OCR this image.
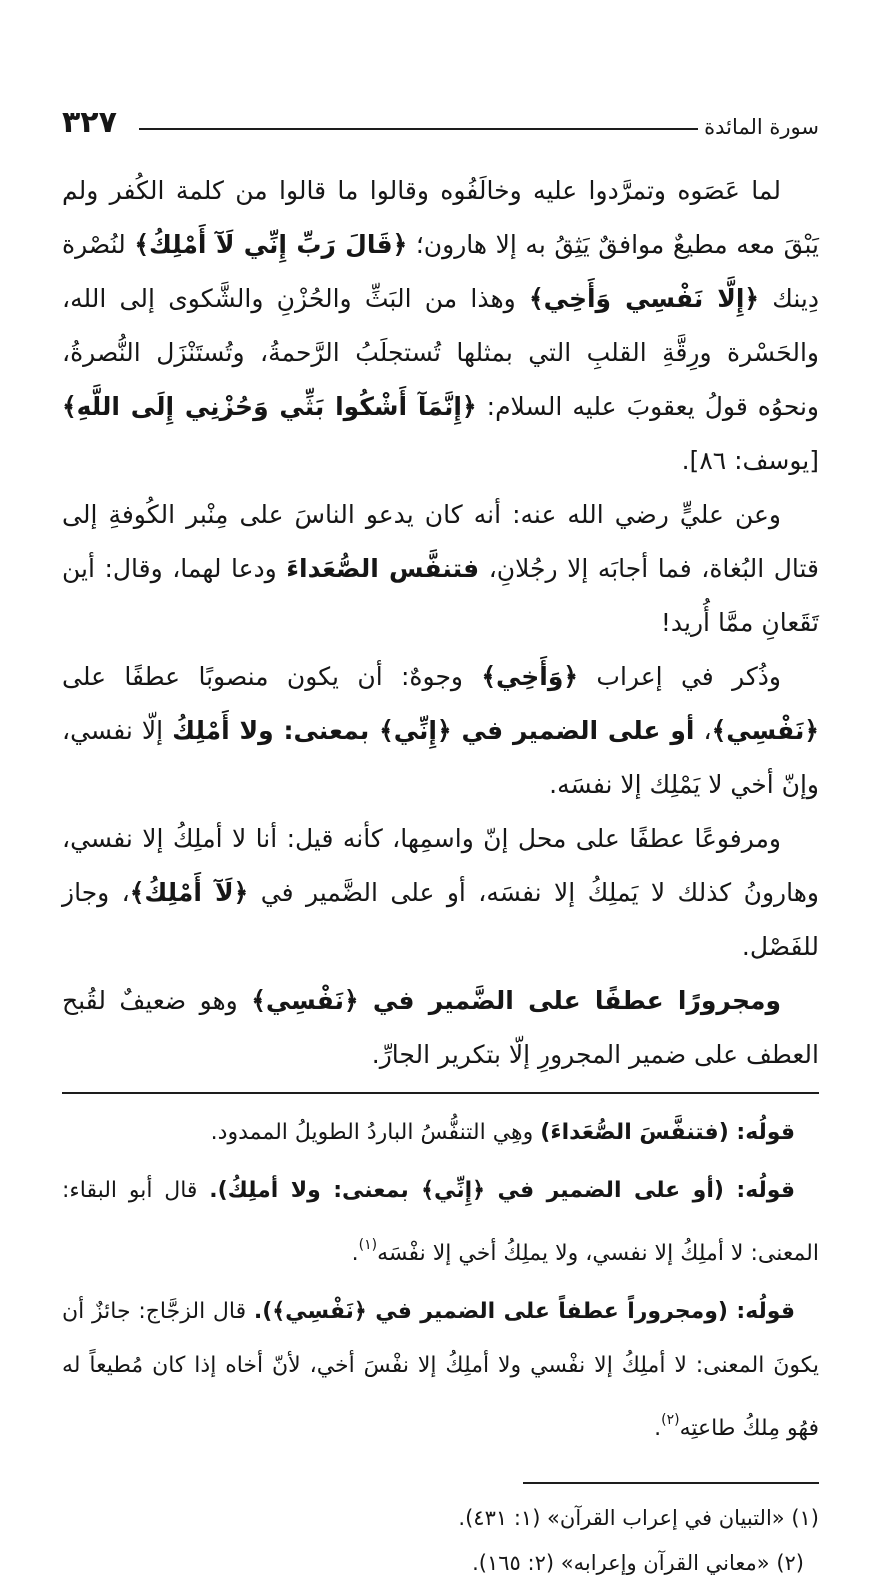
سورة المائدة
٣٢٧

لما عَصَوه وتمرَّدوا عليه وخالَفُوه وقالوا ما قالوا من كلمة الكُفر ولم يَبْقَ معه مطيعٌ موافقٌ يَثِقُ به إلا هارون؛ ﴿قَالَ رَبِّ إِنِّي لَآ أَمْلِكُ﴾ لنُصْرة دِينك ﴿إِلَّا نَفْسِي وَأَخِي﴾ وهذا من البَثِّ والحُزْنِ والشَّكوى إلى الله، والحَسْرة ورِقَّةِ القلبِ التي بمثلها تُستجلَبُ الرَّحمةُ، وتُستَنْزَل النُّصرةُ، ونحوُه قولُ يعقوبَ عليه السلام: ﴿إِنَّمَآ أَشْكُوا بَثِّي وَحُزْنِي إِلَى اللَّهِ﴾ [يوسف: ٨٦].

وعن عليٍّ رضي الله عنه: أنه كان يدعو الناسَ على مِنْبر الكُوفةِ إلى قتال البُغاة، فما أجابَه إلا رجُلانِ، فتنفَّس الصُّعَداءَ ودعا لهما، وقال: أين تَقَعانِ ممَّا أُريد!

وذُكر في إعراب ﴿وَأَخِي﴾ وجوهٌ: أن يكون منصوبًا عطفًا على ﴿نَفْسِي﴾، أو على الضمير في ﴿إِنِّي﴾ بمعنى: ولا أَمْلِكُ إلّا نفسي، وإنّ أخي لا يَمْلِك إلا نفسَه.

ومرفوعًا عطفًا على محل إنّ واسمِها، كأنه قيل: أنا لا أملِكُ إلا نفسي، وهارونُ كذلك لا يَملِكُ إلا نفسَه، أو على الضَّمير في ﴿لَآ أَمْلِكُ﴾، وجاز للفَصْل.

ومجرورًا عطفًا على الضَّمير في ﴿نَفْسِي﴾ وهو ضعيفٌ لقُبح العطف على ضمير المجرورِ إلّا بتكرير الجارِّ.

قولُه: (فتنفَّسَ الصُّعَداءَ) وهِي التنفُّسُ الباردُ الطويلُ الممدود.

قولُه: (أو على الضمير في ﴿إِنِّي﴾ بمعنى: ولا أملِكُ). قال أبو البقاء: المعنى: لا أملِكُ إلا نفسي، ولا يملِكُ أخي إلا نفْسَه$^{(١)}$.

قولُه: (ومجروراً عطفاً على الضمير في ﴿نَفْسِي﴾). قال الزجَّاج: جائزٌ أن يكونَ المعنى: لا أملِكُ إلا نفْسي ولا أملِكُ إلا نفْسَ أخي، لأنّ أخاه إذا كان مُطيعاً له فهُو مِلكُ طاعتِه$^{(٢)}$.

(١) «التبيان في إعراب القرآن» (١: ٤٣١).

(٢) «معاني القرآن وإعرابه» (٢: ١٦٥).
